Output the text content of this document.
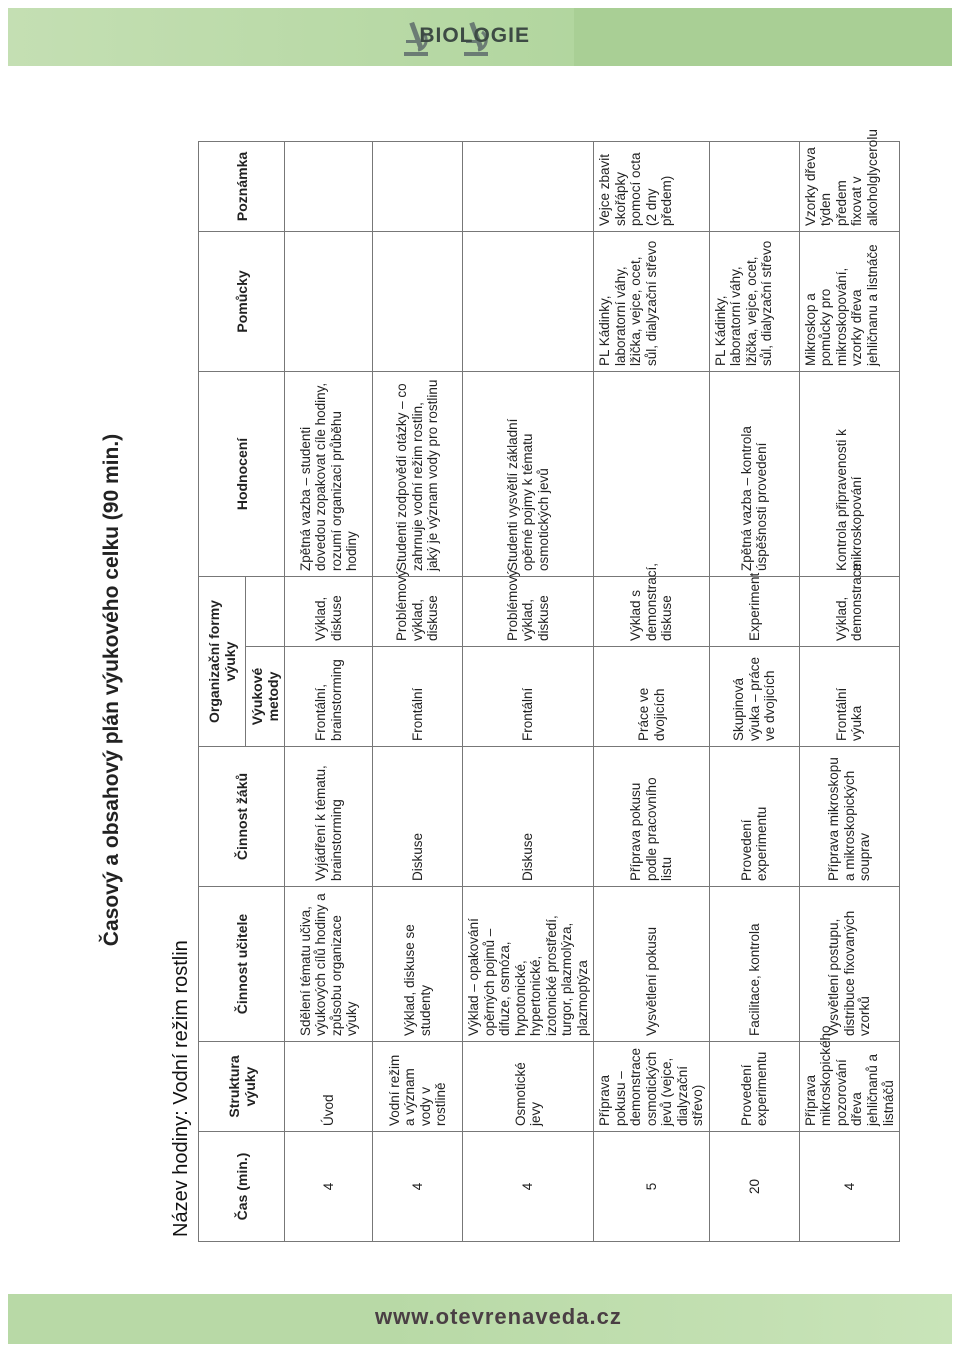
BIOLOGIE
Časový a obsahový plán výukového celku (90 min.)
Název hodiny: Vodní režim rostlin	Čas (min.)	Struktura výuky	Činnost učitele	Činnost žáků	Organizační formy výuky		Hodnocení	Pomůcky	Poznámka
				Výukové metody				
4	Úvod	Sdělení tématu učiva, výukových cílů hodiny a způsobu organizace výuky	Vyjádření k tématu, brainstorming	Frontální, brainstorming	Výklad, diskuse	Zpětná vazba – studenti dovedou zopakovat cíle hodiny, rozumí organizaci průběhu hodiny		
4	Vodní režim a význam vody v rostlině	Výklad, diskuse se studenty	Diskuse	Frontální	Problémový výklad, diskuse	Studenti zodpovědí otázky – co zahrnuje vodní režim rostlin, jaký je význam vody pro rostlinu		
4	Osmotické jevy	Výklad – opakování opěrných pojmů – difuze, osmóza, hypotonické, hypertonické, izotonické prostředí, turgor, plazmolýza, plazmoptýza	Diskuse	Frontální	Problémový výklad, diskuse	Studenti vysvětlí základní opěrné pojmy k tématu osmotických jevů		
5	Příprava pokusu – demonstrace osmotických jevů (vejce, dialyzační střevo)	Vysvětlení pokusu	Příprava pokusu podle pracovního listu	Práce ve dvojicích	Výklad s demonstrací, diskuse		PL Kádinky, laboratorní váhy, lžička, vejce, ocet, sůl, dialyzační střevo	Vejce zbavit skořápky pomocí octa (2 dny předem)
20	Provedení experimentu	Facilitace, kontrola	Provedení experimentu	Skupinová výuka – práce ve dvojicích	Experiment	Zpětná vazba – kontrola úspěšnosti provedení	PL Kádinky, laboratorní váhy, lžička, vejce, ocet, sůl, dialyzační střevo	
4	Příprava mikroskopického pozorování dřeva jehličnanů a listnáčů	Vysvětlení postupu, distribuce fixovaných vzorků	Příprava mikroskopu a mikroskopických souprav	Frontální výuka	Výklad, demonstrace	Kontrola připravenosti k mikroskopování	Mikroskop a pomůcky pro mikroskopování, vzorky dřeva jehličnanu a listnáče	Vzorky dřeva týden předem fixovat v alkoholglycerolu
www.otevrenaveda.cz
